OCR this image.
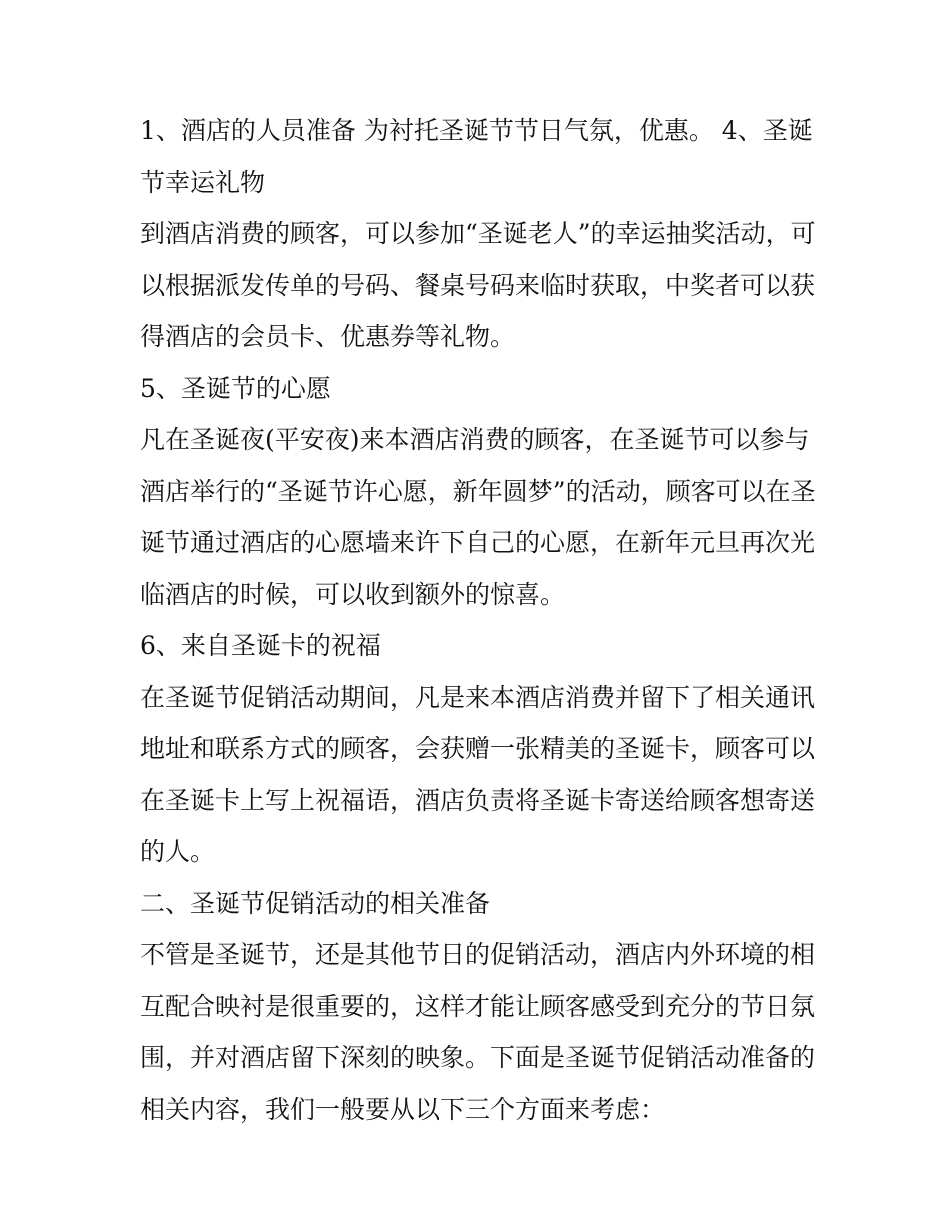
1、酒店的人员准备 为衬托圣诞节节日气氛，优惠。 4、圣诞

节幸运礼物

到酒店消费的顾客，可以参加“圣诞老人”的幸运抽奖活动，可

以根据派发传单的号码、餐桌号码来临时获取，中奖者可以获

得酒店的会员卡、优惠券等礼物。

5、圣诞节的心愿

凡在圣诞夜(平安夜)来本酒店消费的顾客，在圣诞节可以参与

酒店举行的“圣诞节许心愿，新年圆梦”的活动，顾客可以在圣

诞节通过酒店的心愿墙来许下自己的心愿，在新年元旦再次光

临酒店的时候，可以收到额外的惊喜。

6、来自圣诞卡的祝福

在圣诞节促销活动期间，凡是来本酒店消费并留下了相关通讯

地址和联系方式的顾客，会获赠一张精美的圣诞卡，顾客可以

在圣诞卡上写上祝福语，酒店负责将圣诞卡寄送给顾客想寄送

的人。

二、圣诞节促销活动的相关准备

不管是圣诞节，还是其他节日的促销活动，酒店内外环境的相

互配合映衬是很重要的，这样才能让顾客感受到充分的节日氛

围，并对酒店留下深刻的映象。下面是圣诞节促销活动准备的

相关内容，我们一般要从以下三个方面来考虑：
